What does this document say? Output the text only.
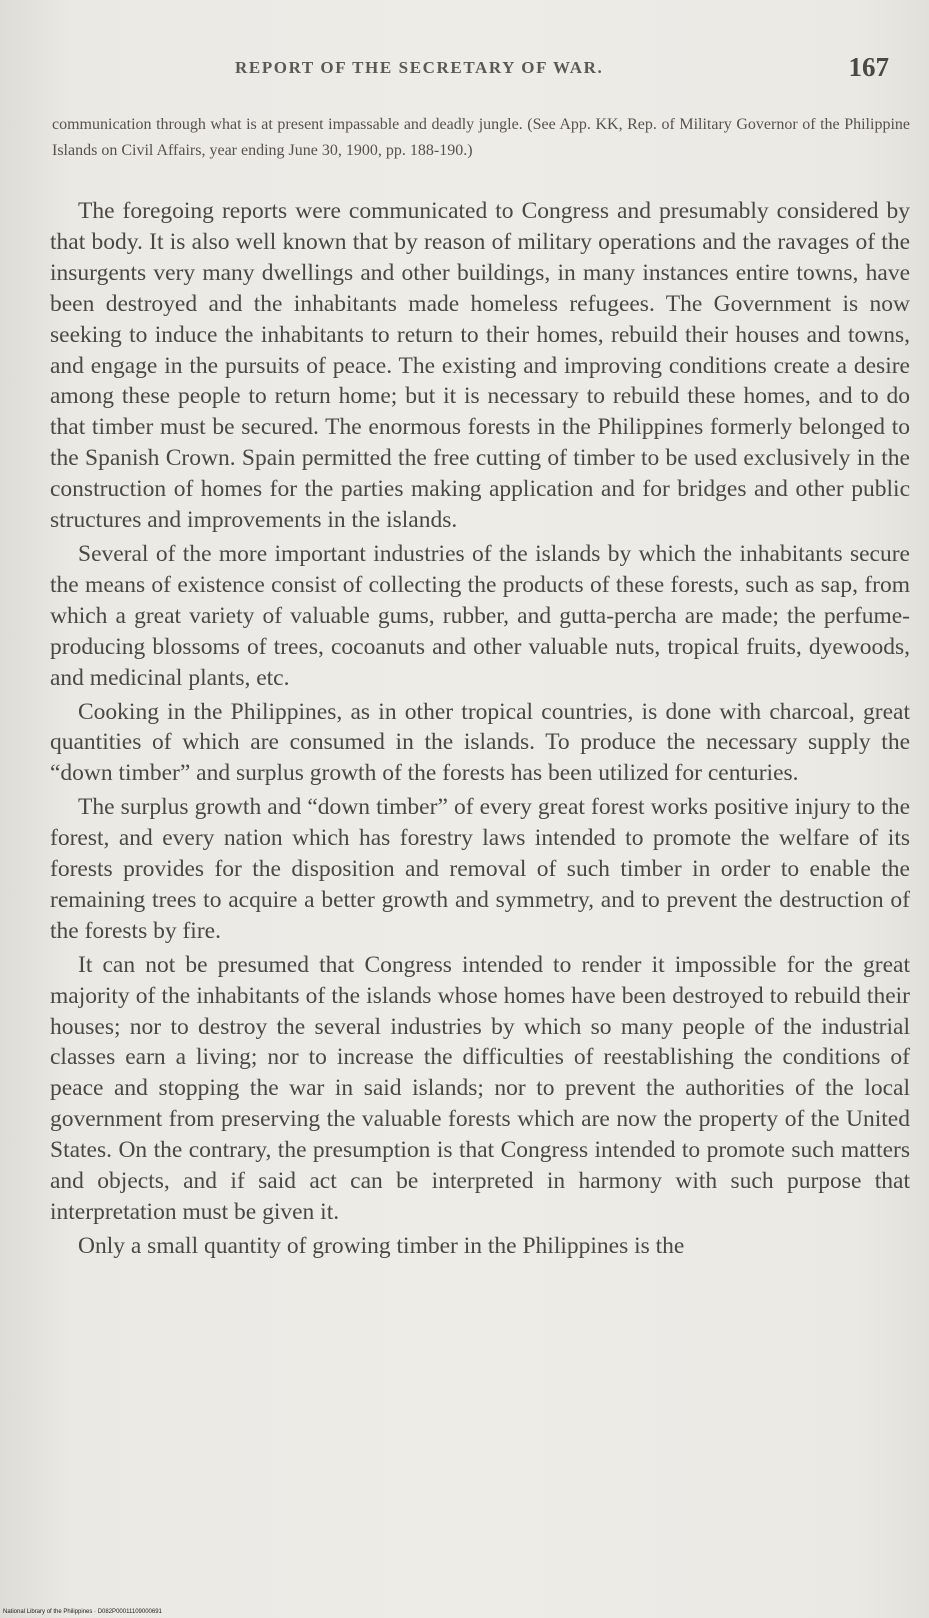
REPORT OF THE SECRETARY OF WAR.	167
communication through what is at present impassable and deadly jungle. (See App. KK, Rep. of Military Governor of the Philippine Islands on Civil Affairs, year ending June 30, 1900, pp. 188-190.)

The foregoing reports were communicated to Congress and presumably considered by that body. It is also well known that by reason of military operations and the ravages of the insurgents very many dwellings and other buildings, in many instances entire towns, have been destroyed and the inhabitants made homeless refugees. The Government is now seeking to induce the inhabitants to return to their homes, rebuild their houses and towns, and engage in the pursuits of peace. The existing and improving conditions create a desire among these people to return home; but it is necessary to rebuild these homes, and to do that timber must be secured. The enormous forests in the Philippines formerly belonged to the Spanish Crown. Spain permitted the free cutting of timber to be used exclusively in the construction of homes for the parties making application and for bridges and other public structures and improvements in the islands.

Several of the more important industries of the islands by which the inhabitants secure the means of existence consist of collecting the products of these forests, such as sap, from which a great variety of valuable gums, rubber, and gutta-percha are made; the perfume-producing blossoms of trees, cocoanuts and other valuable nuts, tropical fruits, dyewoods, and medicinal plants, etc.

Cooking in the Philippines, as in other tropical countries, is done with charcoal, great quantities of which are consumed in the islands. To produce the necessary supply the “down timber” and surplus growth of the forests has been utilized for centuries.

The surplus growth and “down timber” of every great forest works positive injury to the forest, and every nation which has forestry laws intended to promote the welfare of its forests provides for the disposition and removal of such timber in order to enable the remaining trees to acquire a better growth and symmetry, and to prevent the destruction of the forests by fire.

It can not be presumed that Congress intended to render it impossible for the great majority of the inhabitants of the islands whose homes have been destroyed to rebuild their houses; nor to destroy the several industries by which so many people of the industrial classes earn a living; nor to increase the difficulties of reestablishing the conditions of peace and stopping the war in said islands; nor to prevent the authorities of the local government from preserving the valuable forests which are now the property of the United States. On the contrary, the presumption is that Congress intended to promote such matters and objects, and if said act can be interpreted in harmony with such purpose that interpretation must be given it.

Only a small quantity of growing timber in the Philippines is the

National Library of the Philippines · D082P00011109000691
